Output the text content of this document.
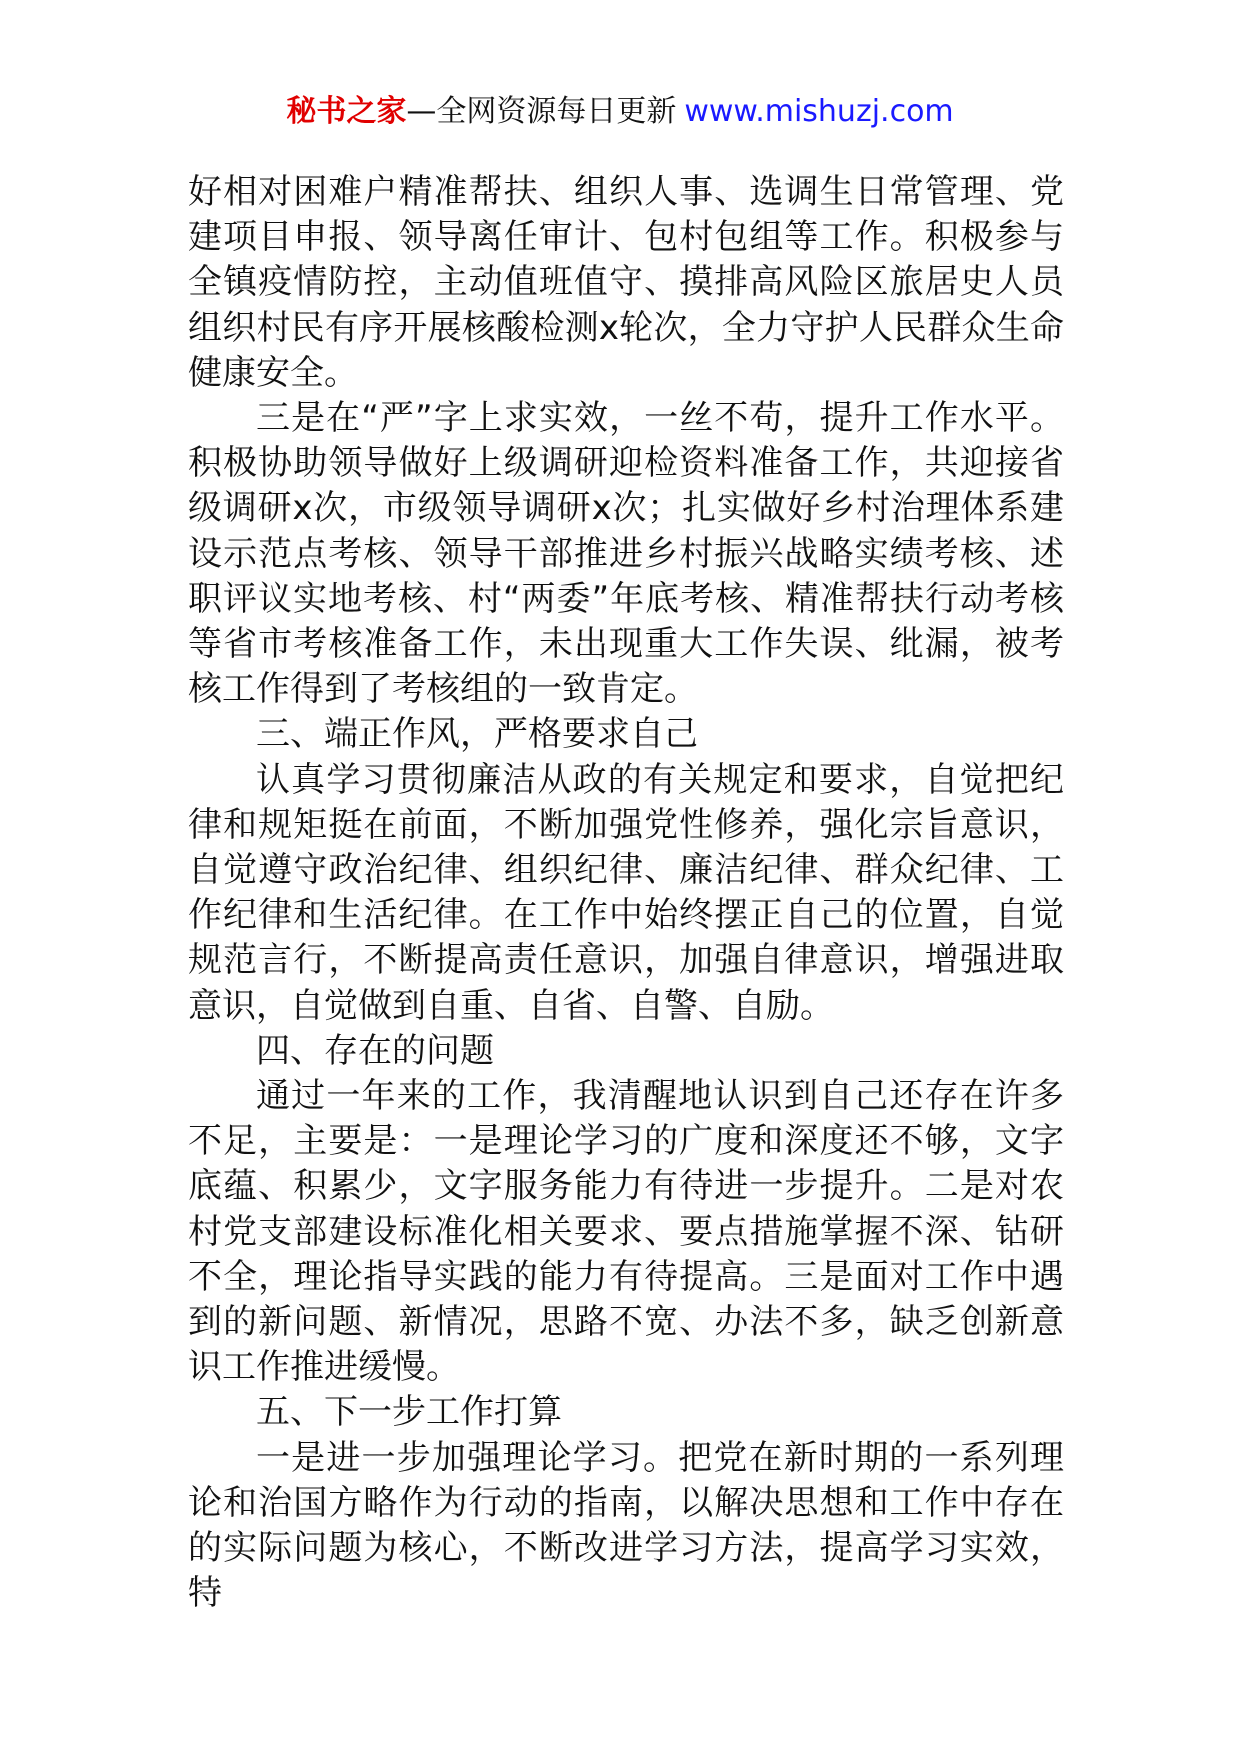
秘书之家—全网资源每日更新 www.mishuzj.com

好相对困难户精准帮扶、组织人事、选调生日常管理、党建项目申报、领导离任审计、包村包组等工作。积极参与全镇疫情防控，主动值班值守、摸排高风险区旅居史人员组织村民有序开展核酸检测x轮次，全力守护人民群众生命健康安全。

三是在“严”字上求实效，一丝不苟，提升工作水平。积极协助领导做好上级调研迎检资料准备工作，共迎接省级调研x次，市级领导调研x次；扎实做好乡村治理体系建设示范点考核、领导干部推进乡村振兴战略实绩考核、述职评议实地考核、村“两委”年底考核、精准帮扶行动考核等省市考核准备工作，未出现重大工作失误、纰漏，被考核工作得到了考核组的一致肯定。

三、端正作风，严格要求自己

认真学习贯彻廉洁从政的有关规定和要求，自觉把纪律和规矩挺在前面，不断加强党性修养，强化宗旨意识，自觉遵守政治纪律、组织纪律、廉洁纪律、群众纪律、工作纪律和生活纪律。在工作中始终摆正自己的位置，自觉规范言行，不断提高责任意识，加强自律意识，增强进取意识，自觉做到自重、自省、自警、自励。

四、存在的问题

通过一年来的工作，我清醒地认识到自己还存在许多不足，主要是：一是理论学习的广度和深度还不够，文字底蕴、积累少，文字服务能力有待进一步提升。二是对农村党支部建设标准化相关要求、要点措施掌握不深、钻研不全，理论指导实践的能力有待提高。三是面对工作中遇到的新问题、新情况，思路不宽、办法不多，缺乏创新意识工作推进缓慢。

五、下一步工作打算

一是进一步加强理论学习。把党在新时期的一系列理论和治国方略作为行动的指南，以解决思想和工作中存在的实际问题为核心，不断改进学习方法，提高学习实效，特
